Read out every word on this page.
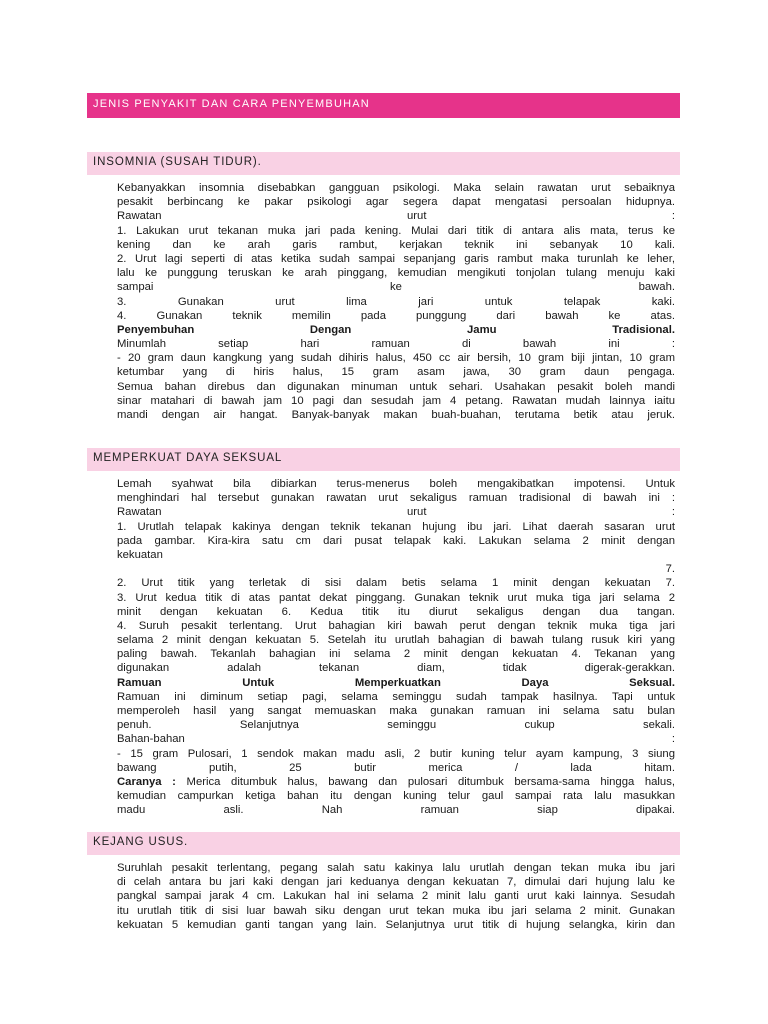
JENIS PENYAKIT DAN CARA PENYEMBUHAN
INSOMNIA (SUSAH TIDUR).
Kebanyakkan insomnia disebabkan gangguan psikologi. Maka selain rawatan urut sebaiknya
pesakit berbincang ke pakar psikologi agar segera dapat mengatasi persoalan hidupnya.
Rawatan urut :
1. Lakukan urut tekanan muka jari pada kening. Mulai dari titik di antara alis mata, terus ke
kening dan ke arah garis rambut, kerjakan teknik ini sebanyak 10 kali.
2. Urut lagi seperti di atas ketika sudah sampai sepanjang garis rambut maka turunlah ke leher,
lalu ke punggung teruskan ke arah pinggang, kemudian mengikuti tonjolan tulang menuju kaki
sampai ke bawah.
3. Gunakan urut lima jari untuk telapak kaki.
4. Gunakan teknik memilin pada punggung dari bawah ke atas.
Penyembuhan Dengan Jamu Tradisional.
Minumlah setiap hari ramuan di bawah ini :
- 20 gram daun kangkung yang sudah dihiris halus, 450 cc air bersih, 10 gram biji jintan, 10 gram
ketumbar yang di hiris halus, 15 gram asam jawa, 30 gram daun pengaga.
Semua bahan direbus dan digunakan minuman untuk sehari. Usahakan pesakit boleh mandi
sinar matahari di bawah jam 10 pagi dan sesudah jam 4 petang. Rawatan mudah lainnya iaitu
mandi dengan air hangat. Banyak-banyak makan buah-buahan, terutama betik atau jeruk.
MEMPERKUAT DAYA SEKSUAL
Lemah syahwat bila dibiarkan terus-menerus boleh mengakibatkan impotensi. Untuk
menghindari hal tersebut gunakan rawatan urut sekaligus ramuan tradisional di bawah ini :
Rawatan urut :
1. Urutlah telapak kakinya dengan teknik tekanan hujung ibu jari. Lihat daerah sasaran urut
pada gambar. Kira-kira satu cm dari pusat telapak kaki. Lakukan selama 2 minit dengan
kekuatan
7.
2. Urut titik yang terletak di sisi dalam betis selama 1 minit dengan kekuatan 7.
3. Urut kedua titik di atas pantat dekat pinggang. Gunakan teknik urut muka tiga jari selama 2
minit dengan kekuatan 6. Kedua titik itu diurut sekaligus dengan dua tangan.
4. Suruh pesakit terlentang. Urut bahagian kiri bawah perut dengan teknik muka tiga jari
selama 2 minit dengan kekuatan 5. Setelah itu urutlah bahagian di bawah tulang rusuk kiri yang
paling bawah. Tekanlah bahagian ini selama 2 minit dengan kekuatan 4. Tekanan yang
digunakan adalah tekanan diam, tidak digerak-gerakkan.
Ramuan Untuk Memperkuatkan Daya Seksual.
Ramuan ini diminum setiap pagi, selama seminggu sudah tampak hasilnya. Tapi untuk
memperoleh hasil yang sangat memuaskan maka gunakan ramuan ini selama satu bulan
penuh. Selanjutnya seminggu cukup sekali.
Bahan-bahan :
- 15 gram Pulosari, 1 sendok makan madu asli, 2 butir kuning telur ayam kampung, 3 siung
bawang putih, 25 butir merica / lada hitam.
Caranya : Merica ditumbuk halus, bawang dan pulosari ditumbuk bersama-sama hingga halus,
kemudian campurkan ketiga bahan itu dengan kuning telur gaul sampai rata lalu masukkan
madu asli. Nah ramuan siap dipakai.
KEJANG USUS.
Suruhlah pesakit terlentang, pegang salah satu kakinya lalu urutlah dengan tekan muka ibu jari
di celah antara bu jari kaki dengan jari keduanya dengan kekuatan 7, dimulai dari hujung lalu ke
pangkal sampai jarak 4 cm. Lakukan hal ini selama 2 minit lalu ganti urut kaki lainnya. Sesudah
itu urutlah titik di sisi luar bawah siku dengan urut tekan muka ibu jari selama 2 minit. Gunakan
kekuatan 5 kemudian ganti tangan yang lain. Selanjutnya urut titik di hujung selangka, kirin dan
